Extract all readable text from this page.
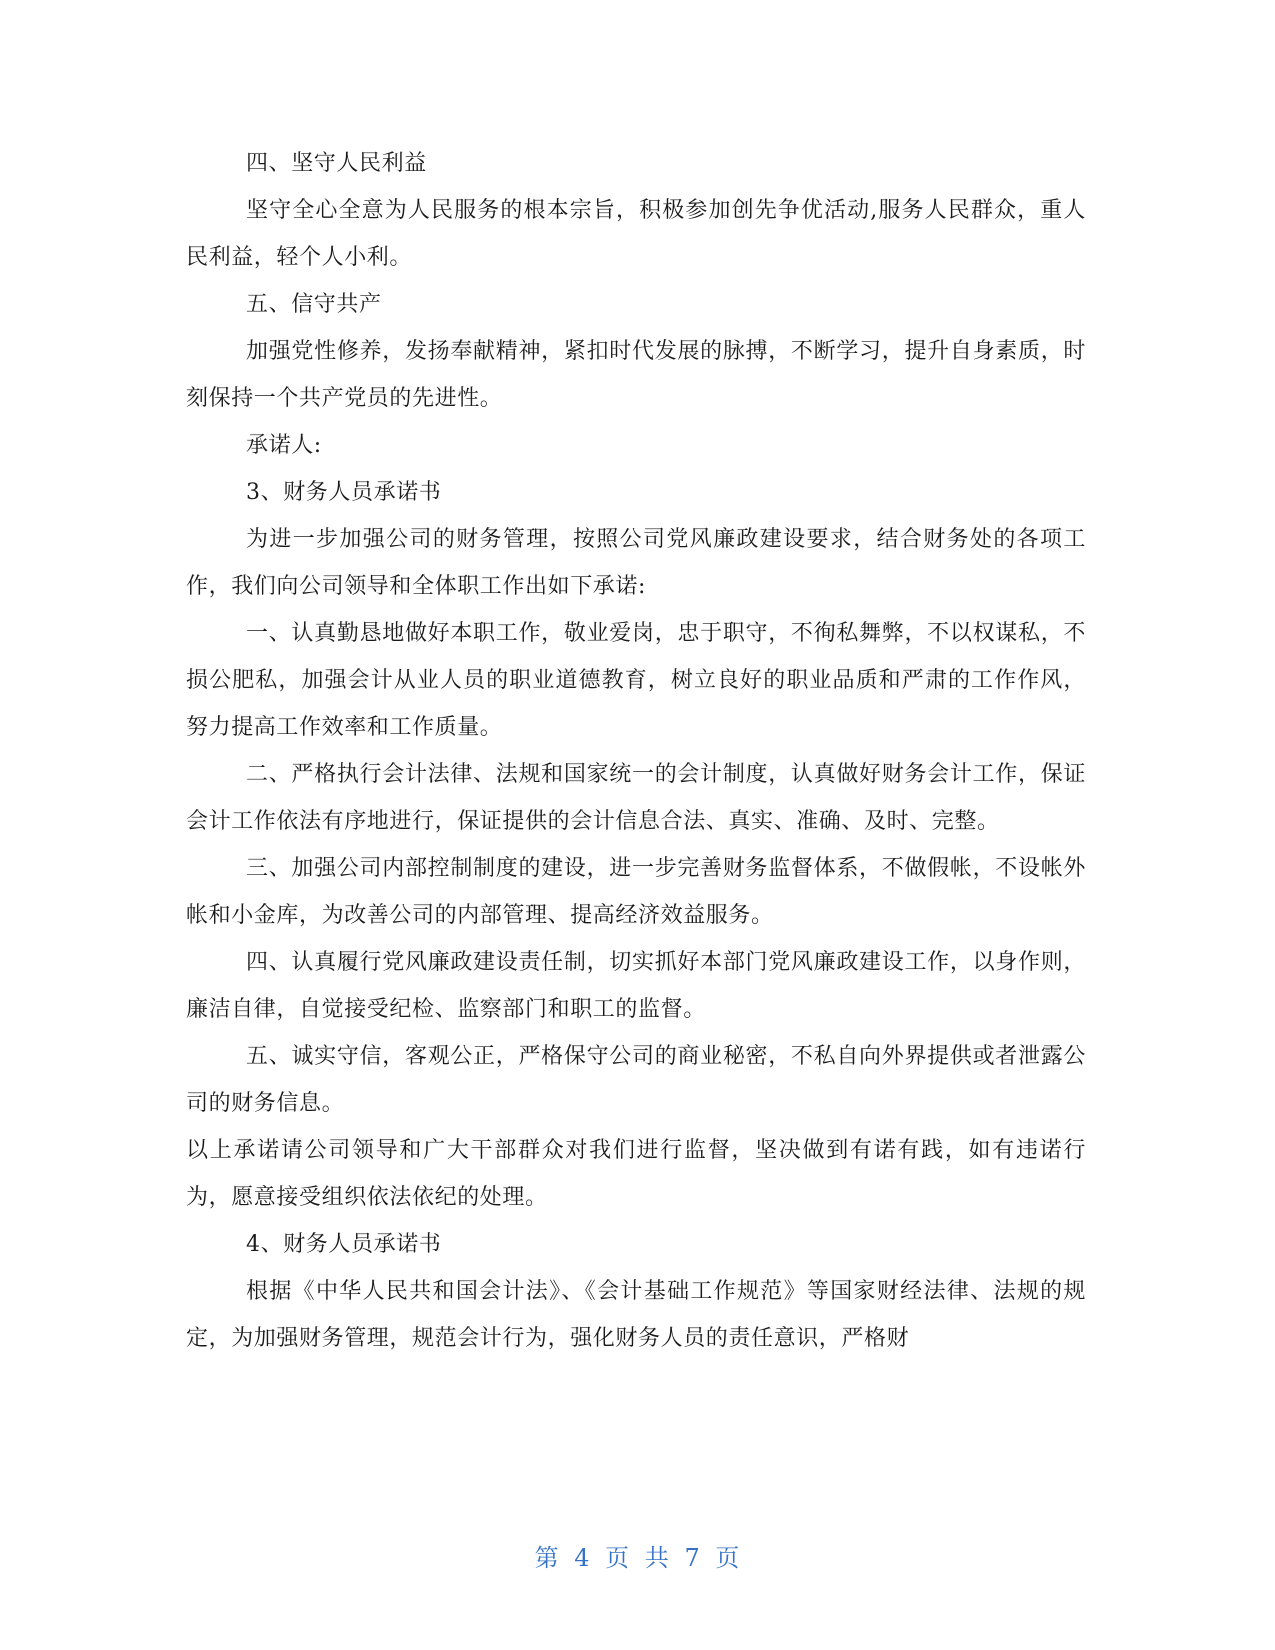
四、坚守人民利益

坚守全心全意为人民服务的根本宗旨，积极参加创先争优活动,服务人民群众，重人民利益，轻个人小利。

五、信守共产

加强党性修养，发扬奉献精神，紧扣时代发展的脉搏，不断学习，提升自身素质，时刻保持一个共产党员的先进性。

承诺人:

3、财务人员承诺书

为进一步加强公司的财务管理，按照公司党风廉政建设要求，结合财务处的各项工作，我们向公司领导和全体职工作出如下承诺:

一、认真勤恳地做好本职工作，敬业爱岗，忠于职守，不徇私舞弊，不以权谋私，不损公肥私，加强会计从业人员的职业道德教育，树立良好的职业品质和严肃的工作作风，努力提高工作效率和工作质量。

二、严格执行会计法律、法规和国家统一的会计制度，认真做好财务会计工作，保证会计工作依法有序地进行，保证提供的会计信息合法、真实、准确、及时、完整。

三、加强公司内部控制制度的建设，进一步完善财务监督体系，不做假帐，不设帐外帐和小金库，为改善公司的内部管理、提高经济效益服务。

四、认真履行党风廉政建设责任制，切实抓好本部门党风廉政建设工作，以身作则，廉洁自律，自觉接受纪检、监察部门和职工的监督。

五、诚实守信，客观公正，严格保守公司的商业秘密，不私自向外界提供或者泄露公司的财务信息。

以上承诺请公司领导和广大干部群众对我们进行监督，坚决做到有诺有践，如有违诺行为，愿意接受组织依法依纪的处理。

4、财务人员承诺书

根据《中华人民共和国会计法》、《会计基础工作规范》等国家财经法律、法规的规定，为加强财务管理，规范会计行为，强化财务人员的责任意识，严格财

第 4 页 共 7 页
